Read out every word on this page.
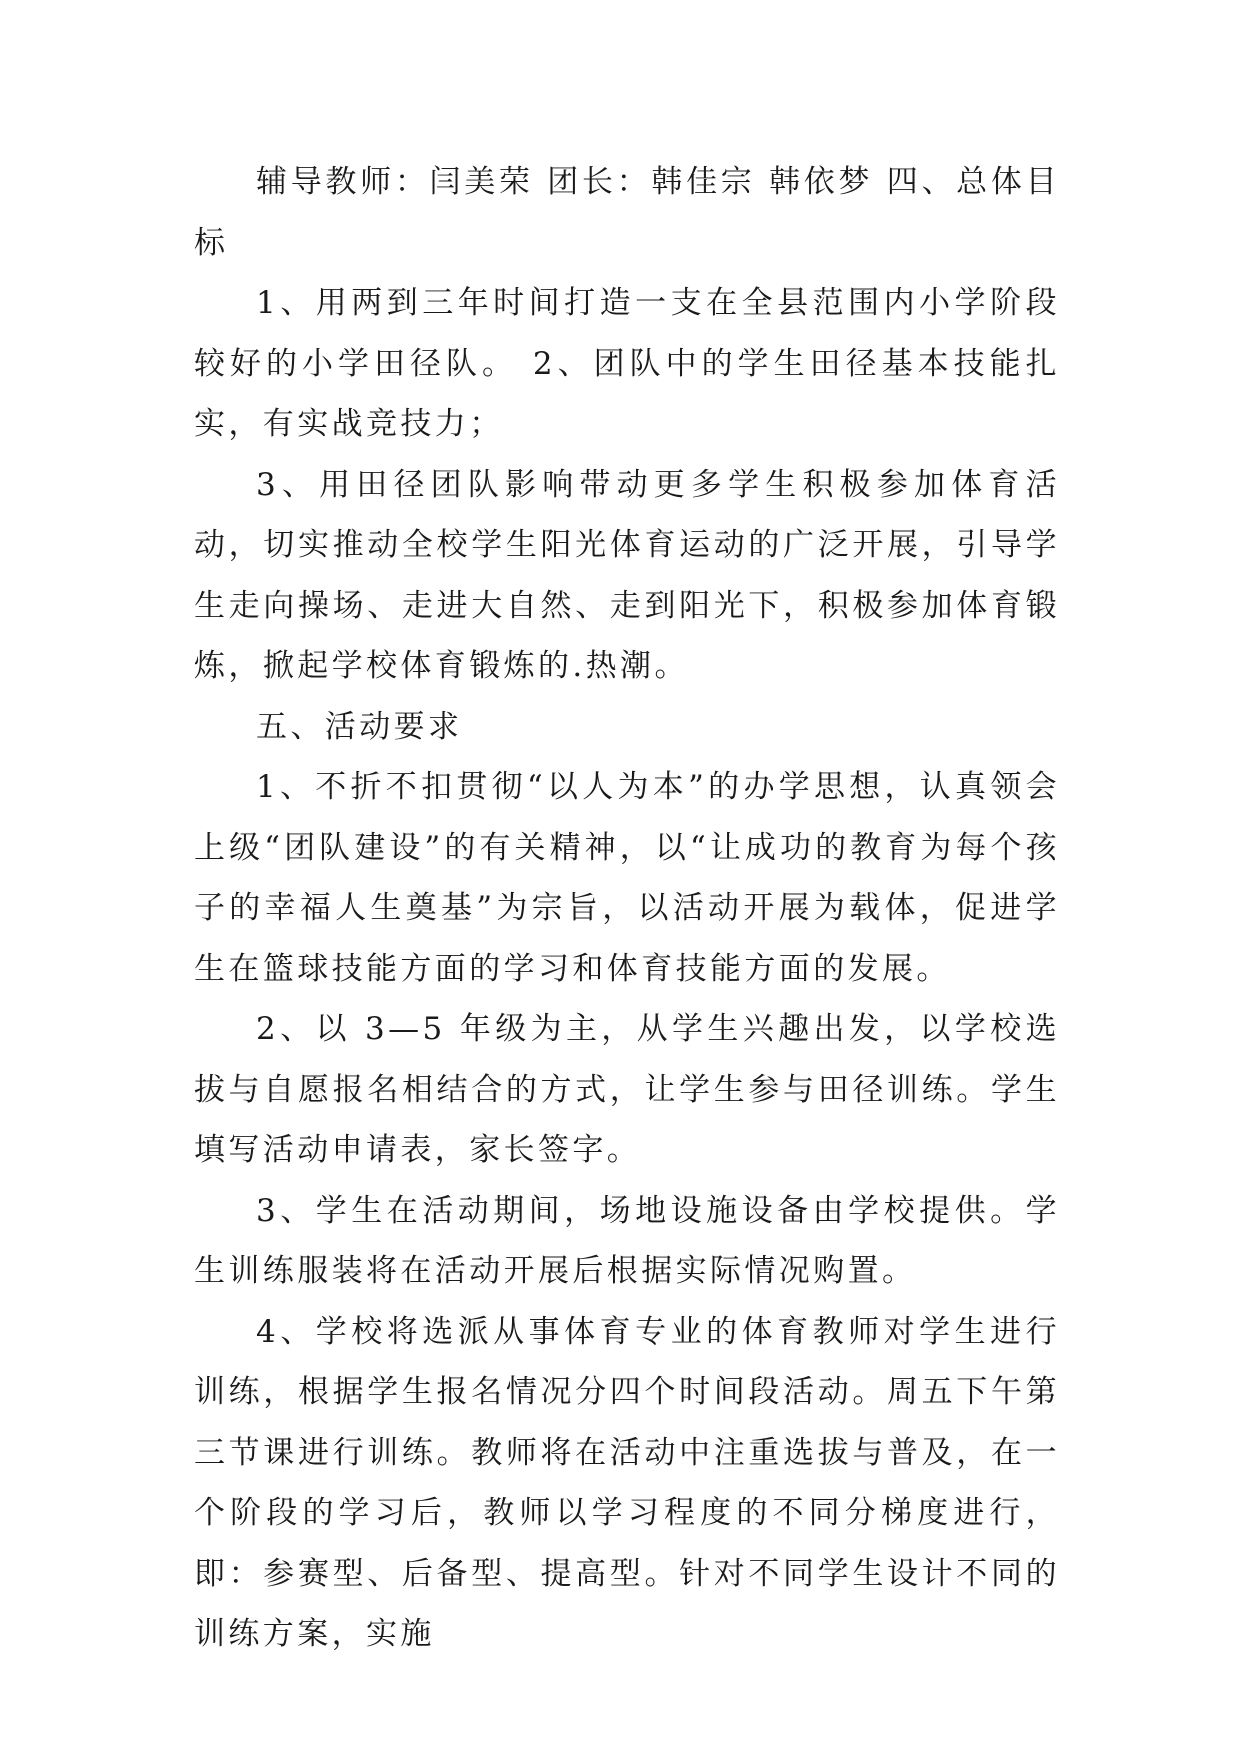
辅导教师：闫美荣 团长：韩佳宗 韩依梦 四、总体目标

1、用两到三年时间打造一支在全县范围内小学阶段较好的小学田径队。 2、团队中的学生田径基本技能扎实，有实战竞技力；

3、用田径团队影响带动更多学生积极参加体育活动，切实推动全校学生阳光体育运动的广泛开展，引导学生走向操场、走进大自然、走到阳光下，积极参加体育锻炼，掀起学校体育锻炼的.热潮。

五、活动要求

1、不折不扣贯彻“以人为本”的办学思想，认真领会上级“团队建设”的有关精神，以“让成功的教育为每个孩子的幸福人生奠基”为宗旨，以活动开展为载体，促进学生在篮球技能方面的学习和体育技能方面的发展。

2、以 3—5 年级为主，从学生兴趣出发，以学校选拔与自愿报名相结合的方式，让学生参与田径训练。学生填写活动申请表，家长签字。

3、学生在活动期间，场地设施设备由学校提供。学生训练服装将在活动开展后根据实际情况购置。

4、学校将选派从事体育专业的体育教师对学生进行训练，根据学生报名情况分四个时间段活动。周五下午第三节课进行训练。教师将在活动中注重选拔与普及，在一个阶段的学习后，教师以学习程度的不同分梯度进行，即：参赛型、后备型、提高型。针对不同学生设计不同的训练方案，实施
